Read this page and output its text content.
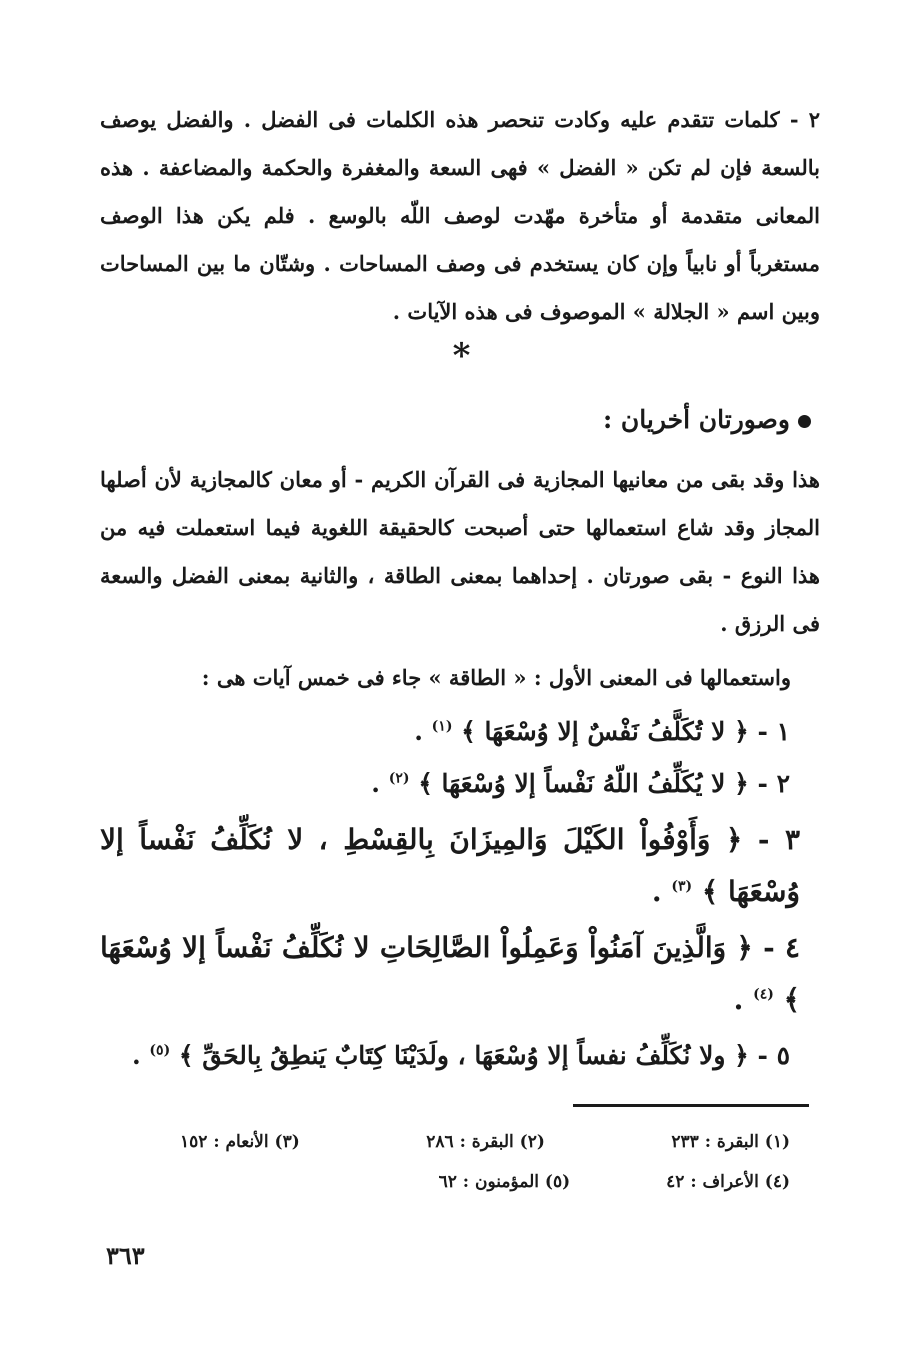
٢ - كلمات تتقدم عليه وكادت تنحصر هذه الكلمات فى الفضل . والفضل يوصف بالسعة فإن لم تكن « الفضل » فهى السعة والمغفرة والحكمة والمضاعفة . هذه المعانى متقدمة أو متأخرة مهّدت لوصف اللّه بالوسع . فلم يكن هذا الوصف مستغرباً أو نابياً وإن كان يستخدم فى وصف المساحات . وشتّان ما بين المساحات وبين اسم « الجلالة » الموصوف فى هذه الآيات .
*
وصورتان أخريان :
هذا وقد بقى من معانيها المجازية فى القرآن الكريم - أو معان كالمجازية لأن أصلها المجاز وقد شاع استعمالها حتى أصبحت كالحقيقة اللغوية فيما استعملت فيه من هذا النوع - بقى صورتان . إحداهما بمعنى الطاقة ، والثانية بمعنى الفضل والسعة فى الرزق .
واستعمالها فى المعنى الأول : « الطاقة » جاء فى خمس آيات هى :
١ - ﴿ لا تُكَلَّفُ نَفْسٌ إلا وُسْعَهَا ﴾ $^{(١)}$ .
٢ - ﴿ لا يُكَلِّفُ اللّهُ نَفْساً إلا وُسْعَهَا ﴾ $^{(٢)}$ .
٣ - ﴿ وَأَوْفُواْ الكَيْلَ وَالمِيزَانَ بِالقِسْطِ ، لا نُكَلِّفُ نَفْساً إلا وُسْعَهَا ﴾ $^{(٣)}$ .
٤ - ﴿ وَالَّذِينَ آمَنُواْ وَعَمِلُواْ الصَّالِحَاتِ لا نُكَلِّفُ نَفْساً إلا وُسْعَهَا ﴾ $^{(٤)}$ .
٥ - ﴿ ولا نُكَلِّفُ نفساً إلا وُسْعَهَا ، ولَدَيْنَا كِتَابٌ يَنطِقُ بِالحَقِّ ﴾ $^{(٥)}$ .
(١) البقرة : ٢٣٣
(٢) البقرة : ٢٨٦
(٣) الأنعام : ١٥٢
(٤) الأعراف : ٤٢
(٥) المؤمنون : ٦٢
٣٦٣
